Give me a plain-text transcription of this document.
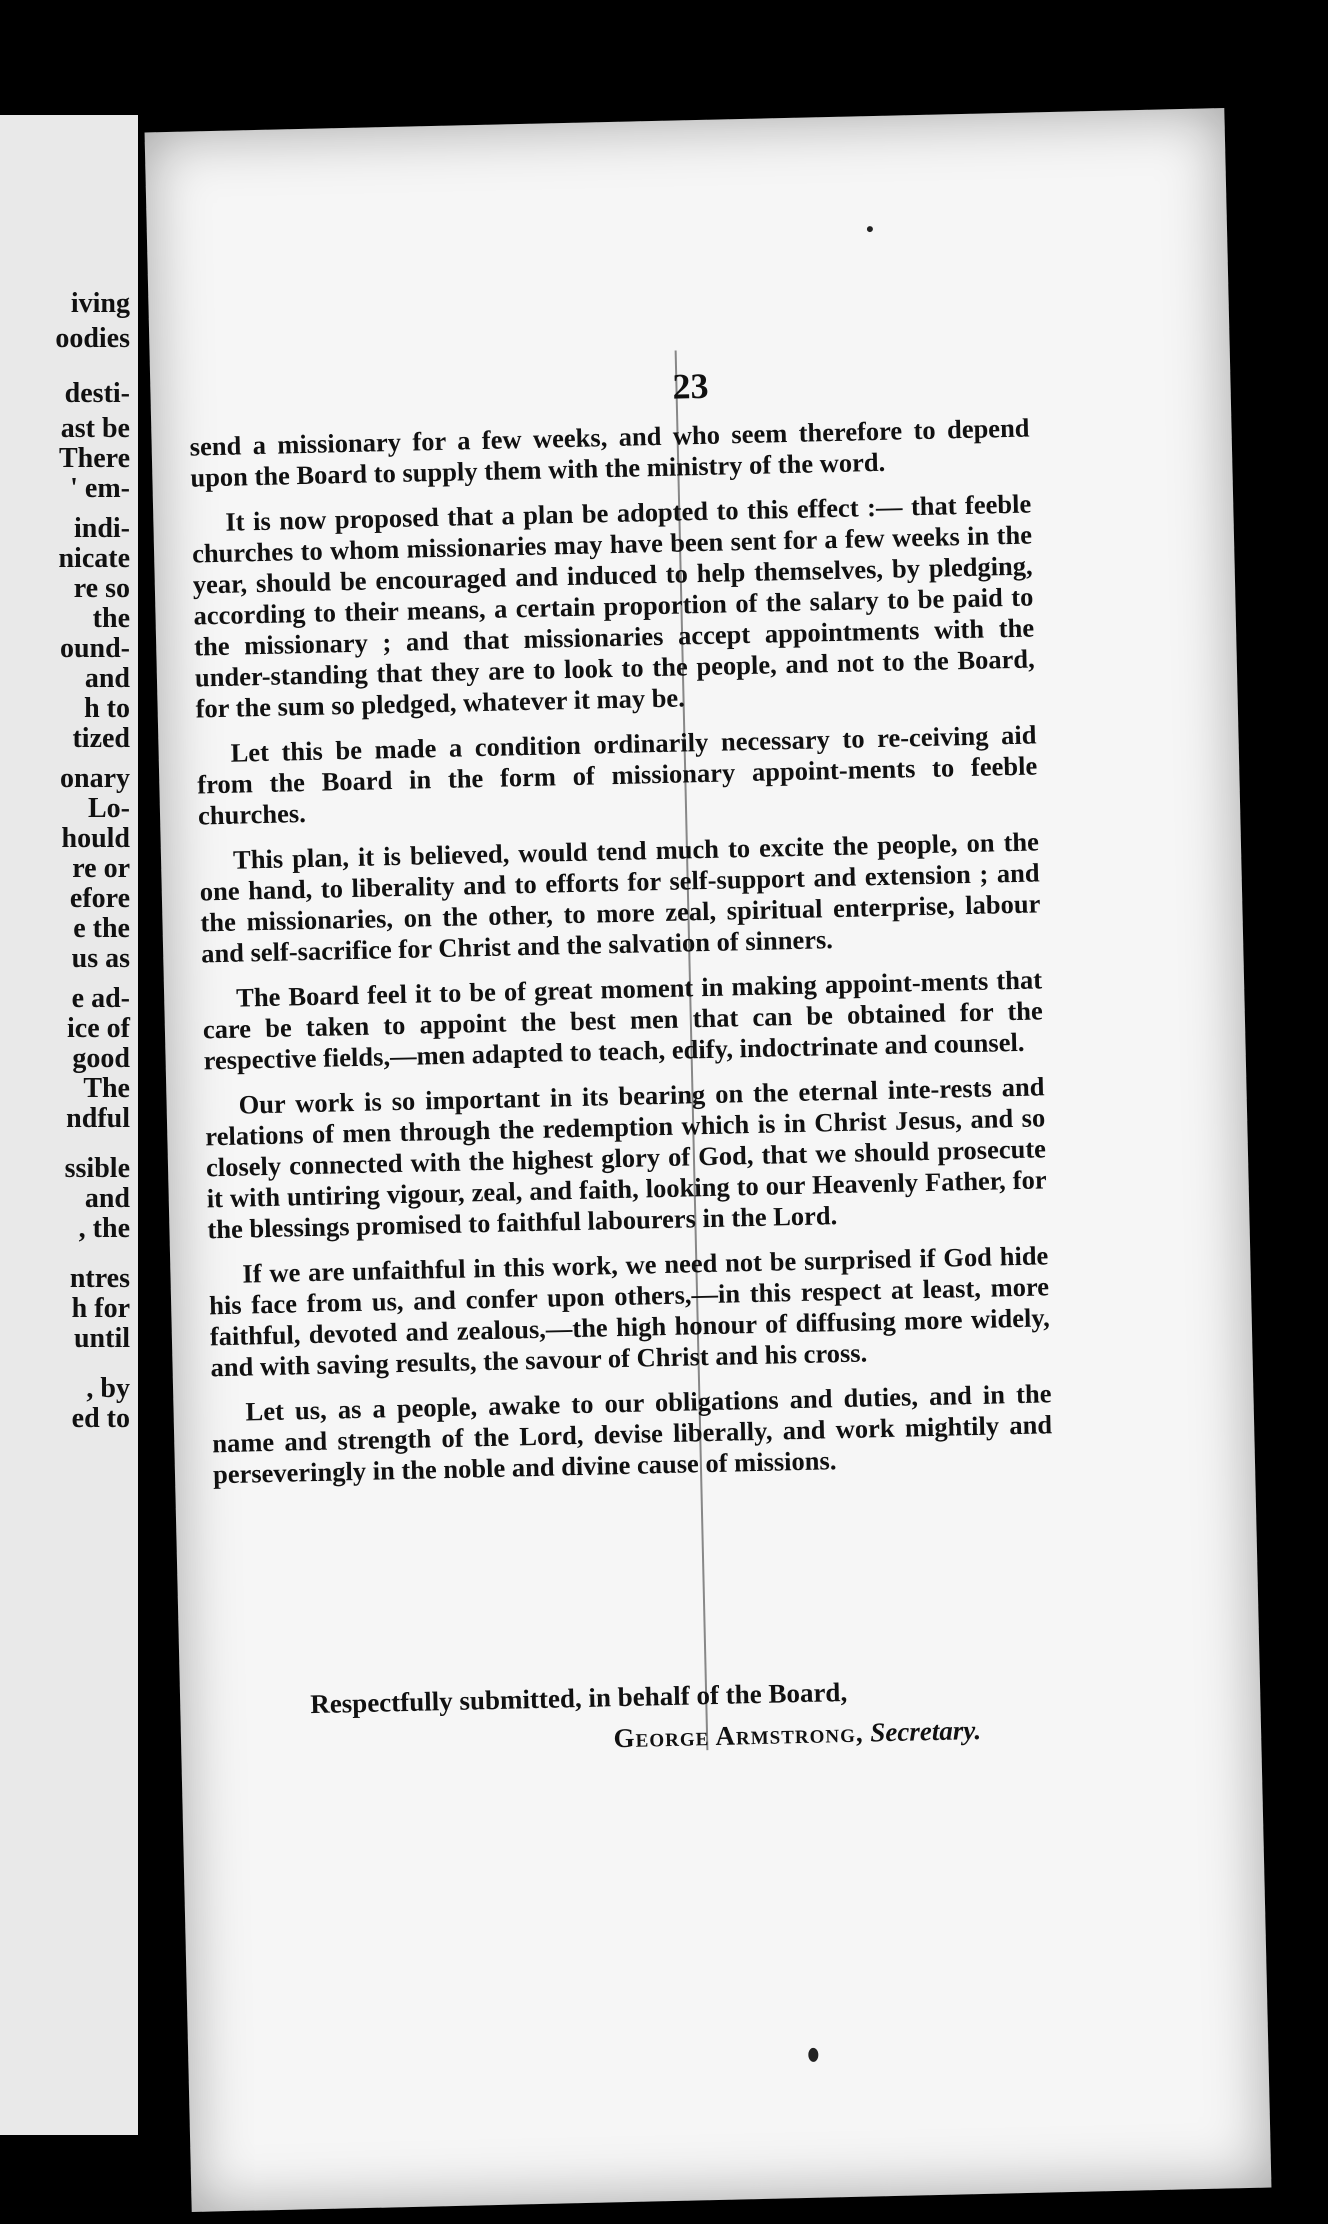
iving
oodies
desti-
ast be
There
' em-
indi-
nicate
re so
the
ound-
and
h to
tized
onary
Lo-
hould
re or
efore
e the
us as
e ad-
ice of
good
The
ndful
ssible
and
, the
ntres
h for
until
, by
ed to
23

send a missionary for a few weeks, and who seem therefore to depend upon the Board to supply them with the ministry of the word.

It is now proposed that a plan be adopted to this effect :— that feeble churches to whom missionaries may have been sent for a few weeks in the year, should be encouraged and induced to help themselves, by pledging, according to their means, a certain proportion of the salary to be paid to the missionary ; and that missionaries accept appointments with the under-standing that they are to look to the people, and not to the Board, for the sum so pledged, whatever it may be.

Let this be made a condition ordinarily necessary to re-ceiving aid from the Board in the form of missionary appoint-ments to feeble churches.

This plan, it is believed, would tend much to excite the people, on the one hand, to liberality and to efforts for self-support and extension ; and the missionaries, on the other, to more zeal, spiritual enterprise, labour and self-sacrifice for Christ and the salvation of sinners.

The Board feel it to be of great moment in making appoint-ments that care be taken to appoint the best men that can be obtained for the respective fields,—men adapted to teach, edify, indoctrinate and counsel.

Our work is so important in its bearing on the eternal inte-rests and relations of men through the redemption which is in Christ Jesus, and so closely connected with the highest glory of God, that we should prosecute it with untiring vigour, zeal, and faith, looking to our Heavenly Father, for the blessings promised to faithful labourers in the Lord.

If we are unfaithful in this work, we need not be surprised if God hide his face from us, and confer upon others,—in this respect at least, more faithful, devoted and zealous,—the high honour of diffusing more widely, and with saving results, the savour of Christ and his cross.

Let us, as a people, awake to our obligations and duties, and in the name and strength of the Lord, devise liberally, and work mightily and perseveringly in the noble and divine cause of missions.

Respectfully submitted, in behalf of the Board,
George Armstrong, Secretary.
